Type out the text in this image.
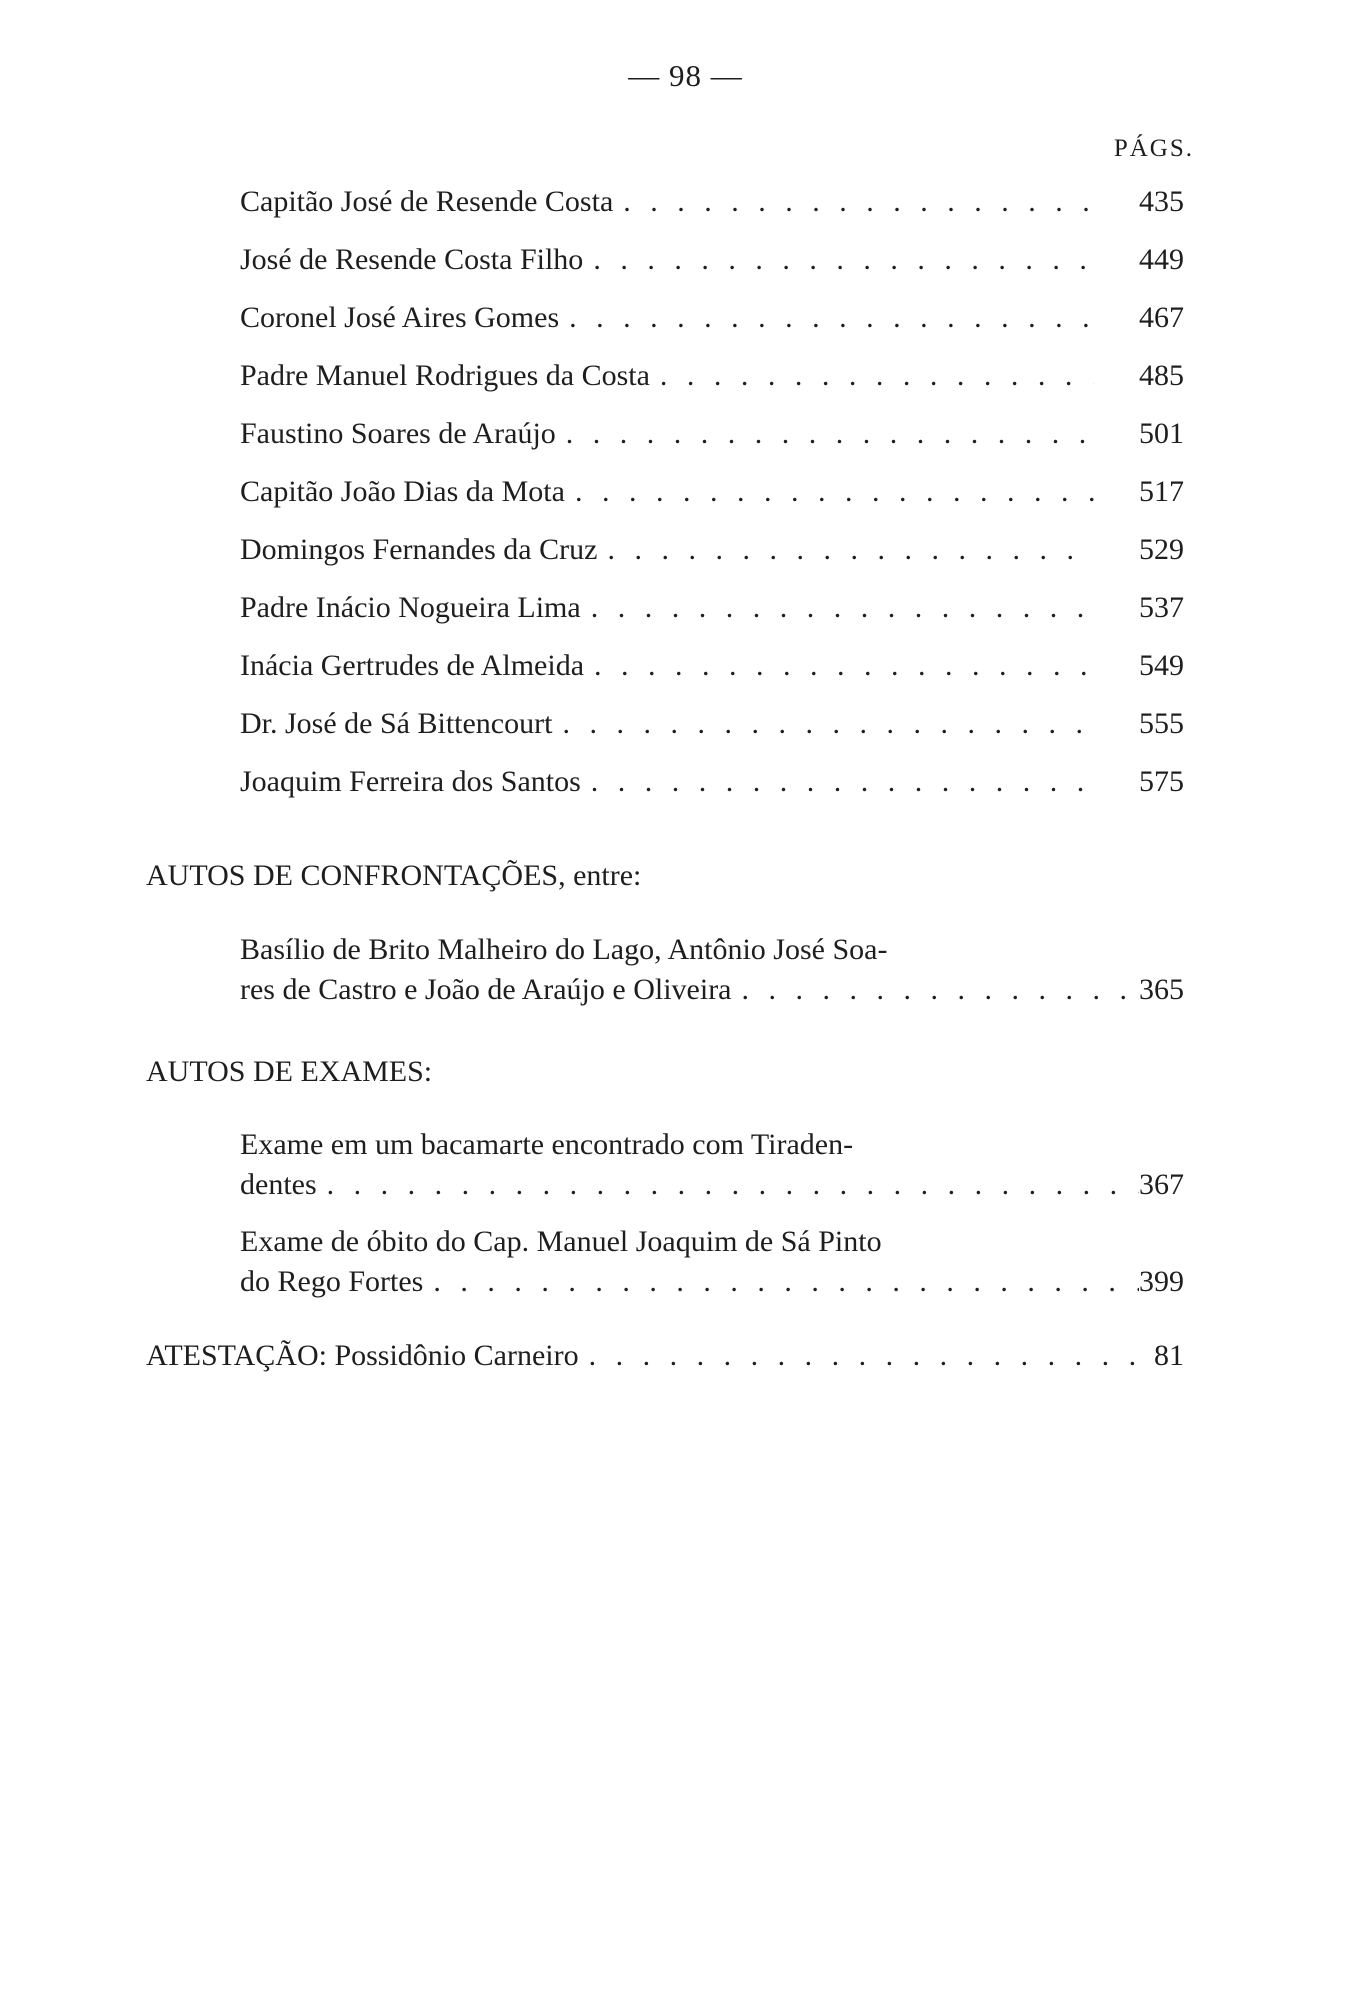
— 98 —
PÁGS.
Capitão José de Resende Costa . . .	435
José de Resende Costa Filho . . .	449
Coronel José Aires Gomes . . .	467
Padre Manuel Rodrigues da Costa . . .	485
Faustino Soares de Araújo . . .	501
Capitão João Dias da Mota . . .	517
Domingos Fernandes da Cruz . . .	529
Padre Inácio Nogueira Lima . . .	537
Inácia Gertrudes de Almeida . . .	549
Dr. José de Sá Bittencourt . . .	555
Joaquim Ferreira dos Santos . . .	575
AUTOS DE CONFRONTAÇÕES, entre:
Basílio de Brito Malheiro do Lago, Antônio José Soa-
res de Castro e João de Araújo e Oliveira . . .	365
AUTOS DE EXAMES:
Exame em um bacamarte encontrado com Tiraden-
dentes . . .	367
Exame de óbito do Cap. Manuel Joaquim de Sá Pinto
do Rego Fortes . . .	399
ATESTAÇÃO: Possidônio Carneiro . . .	81
